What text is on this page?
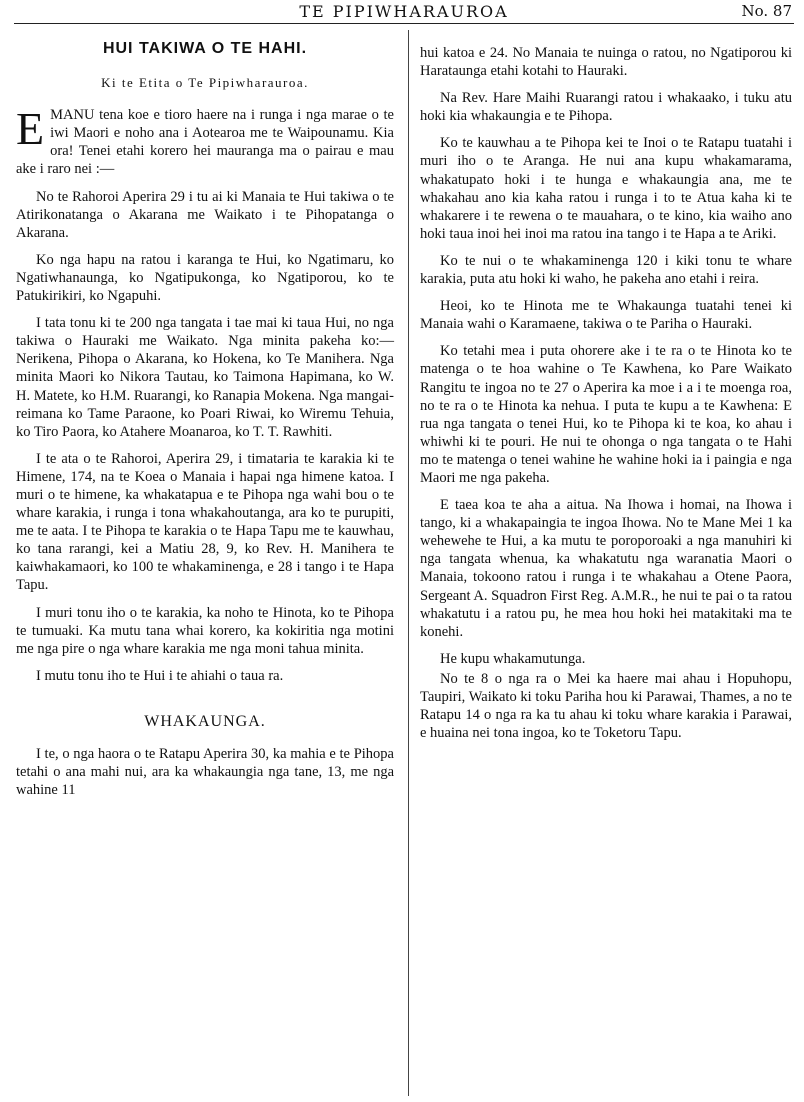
TE PIPIWHARAUROA	No. 87
HUI TAKIWA O TE HAHI.
Ki te Etita o Te Pipiwharauroa.

EMANU tena koe e tioro haere na i runga i nga marae o te iwi Maori e noho ana i Aotearoa me te Waipounamu. Kia ora! Tenei etahi korero hei mauranga ma o pairau e mau ake i raro nei :—

No te Rahoroi Aperira 29 i tu ai ki Manaia te Hui takiwa o te Atirikonatanga o Akarana me Waikato i te Pihopatanga o Akarana.

Ko nga hapu na ratou i karanga te Hui, ko Ngatimaru, ko Ngatiwhanaunga, ko Ngatipukonga, ko Ngatiporou, ko te Patukirikiri, ko Ngapuhi.

I tata tonu ki te 200 nga tangata i tae mai ki taua Hui, no nga takiwa o Hauraki me Waikato. Nga minita pakeha ko:—Nerikena, Pihopa o Akarana, ko Hokena, ko Te Manihera. Nga minita Maori ko Nikora Tautau, ko Taimona Hapimana, ko W. H. Matete, ko H.M. Ruarangi, ko Ranapia Mokena. Nga mangai-reimana ko Tame Paraone, ko Poari Riwai, ko Wiremu Tehuia, ko Tiro Paora, ko Atahere Moanaroa, ko T. T. Rawhiti.

I te ata o te Rahoroi, Aperira 29, i timataria te karakia ki te Himene, 174, na te Koea o Manaia i hapai nga himene katoa. I muri o te himene, ka whakatapua e te Pihopa nga wahi bou o te whare karakia, i runga i tona whakahoutanga, ara ko te purupiti, me te aata. I te Pihopa te karakia o te Hapa Tapu me te kauwhau, ko tana rarangi, kei a Matiu 28, 9, ko Rev. H. Manihera te kaiwhakamaori, ko 100 te whakaminenga, e 28 i tango i te Hapa Tapu.

I muri tonu iho o te karakia, ka noho te Hinota, ko te Pihopa te tumuaki. Ka mutu tana whai korero, ka kokiritia nga motini me nga pire o nga whare karakia me nga moni tahua minita.

I mutu tonu iho te Hui i te ahiahi o taua ra.

WHAKAUNGA.

I te, o nga haora o te Ratapu Aperira 30, ka mahia e te Pihopa tetahi o ana mahi nui, ara ka whakaungia nga tane, 13, me nga wahine 11

hui katoa e 24. No Manaia te nuinga o ratou, no Ngatiporou ki Harataunga etahi kotahi to Hauraki.

Na Rev. Hare Maihi Ruarangi ratou i whakaako, i tuku atu hoki kia whakaungia e te Pihopa.

Ko te kauwhau a te Pihopa kei te Inoi o te Ratapu tuatahi i muri iho o te Aranga. He nui ana kupu whakamarama, whakatupato hoki i te hunga e whakaungia ana, me te whakahau ano kia kaha ratou i runga i to te Atua kaha ki te whakarere i te rewena o te mauahara, o te kino, kia waiho ano hoki taua inoi hei inoi ma ratou ina tango i te Hapa a te Ariki.

Ko te nui o te whakaminenga 120 i kiki tonu te whare karakia, puta atu hoki ki waho, he pakeha ano etahi i reira.

Heoi, ko te Hinota me te Whakaunga tuatahi tenei ki Manaia wahi o Karamaene, takiwa o te Pariha o Hauraki.

Ko tetahi mea i puta ohorere ake i te ra o te Hinota ko te matenga o te hoa wahine o Te Kawhena, ko Pare Waikato Rangitu te ingoa no te 27 o Aperira ka moe i a i te moenga roa, no te ra o te Hinota ka nehua. I puta te kupu a te Kawhena: E rua nga tangata o tenei Hui, ko te Pihopa ki te koa, ko ahau i whiwhi ki te pouri. He nui te ohonga o nga tangata o te Hahi mo te matenga o tenei wahine he wahine hoki ia i paingia e nga Maori me nga pakeha.

E taea koa te aha a aitua. Na Ihowa i homai, na Ihowa i tango, ki a whakapaingia te ingoa Ihowa. No te Mane Mei 1 ka wehewehe te Hui, a ka mutu te poroporoaki a nga manuhiri ki nga tangata whenua, ka whakatutu nga waranatia Maori o Manaia, tokoono ratou i runga i te whakahau a Otene Paora, Sergeant A. Squadron First Reg. A.M.R., he nui te pai o ta ratou whakatutu i a ratou pu, he mea hou hoki hei matakitaki ma te konehi.

He kupu whakamutunga.

No te 8 o nga ra o Mei ka haere mai ahau i Hopuhopu, Taupiri, Waikato ki toku Pariha hou ki Parawai, Thames, a no te Ratapu 14 o nga ra ka tu ahau ki toku whare karakia i Parawai, e huaina nei tona ingoa, ko te Toketoru Tapu.
